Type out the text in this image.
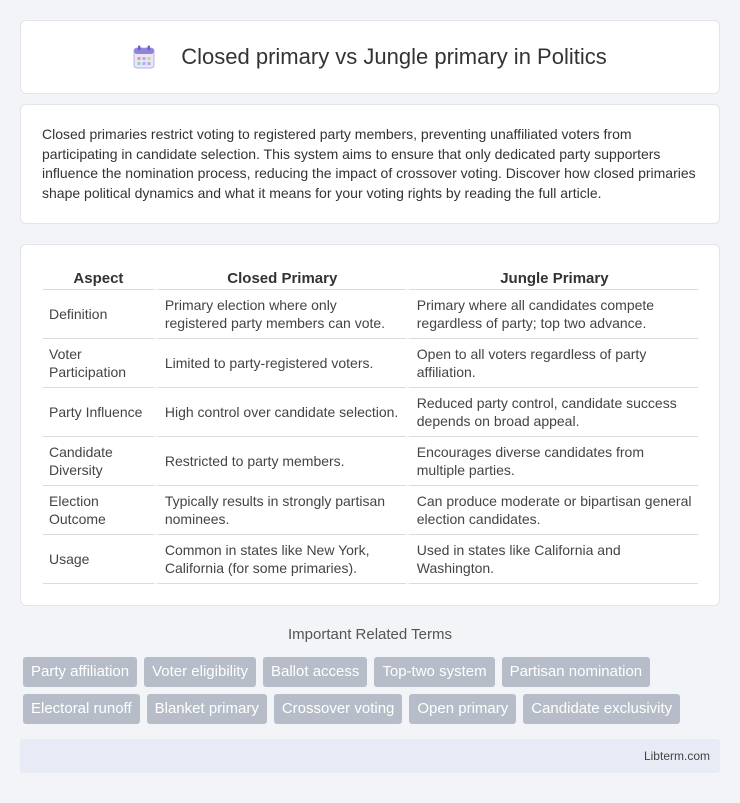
Closed primary vs Jungle primary in Politics

Closed primaries restrict voting to registered party members, preventing unaffiliated voters from participating in candidate selection. This system aims to ensure that only dedicated party supporters influence the nomination process, reducing the impact of crossover voting. Discover how closed primaries shape political dynamics and what it means for your voting rights by reading the full article.

Aspect	Closed Primary	Jungle Primary
Definition	Primary election where only registered party members can vote.	Primary where all candidates compete regardless of party; top two advance.
Voter Participation	Limited to party-registered voters.	Open to all voters regardless of party affiliation.
Party Influence	High control over candidate selection.	Reduced party control, candidate success depends on broad appeal.
Candidate Diversity	Restricted to party members.	Encourages diverse candidates from multiple parties.
Election Outcome	Typically results in strongly partisan nominees.	Can produce moderate or bipartisan general election candidates.
Usage	Common in states like New York, California (for some primaries).	Used in states like California and Washington.
Important Related Terms
Party affiliation	Voter eligibility	Ballot access	Top-two system	Partisan nomination
Electoral runoff	Blanket primary	Crossover voting	Open primary	Candidate exclusivity
Libterm.com
